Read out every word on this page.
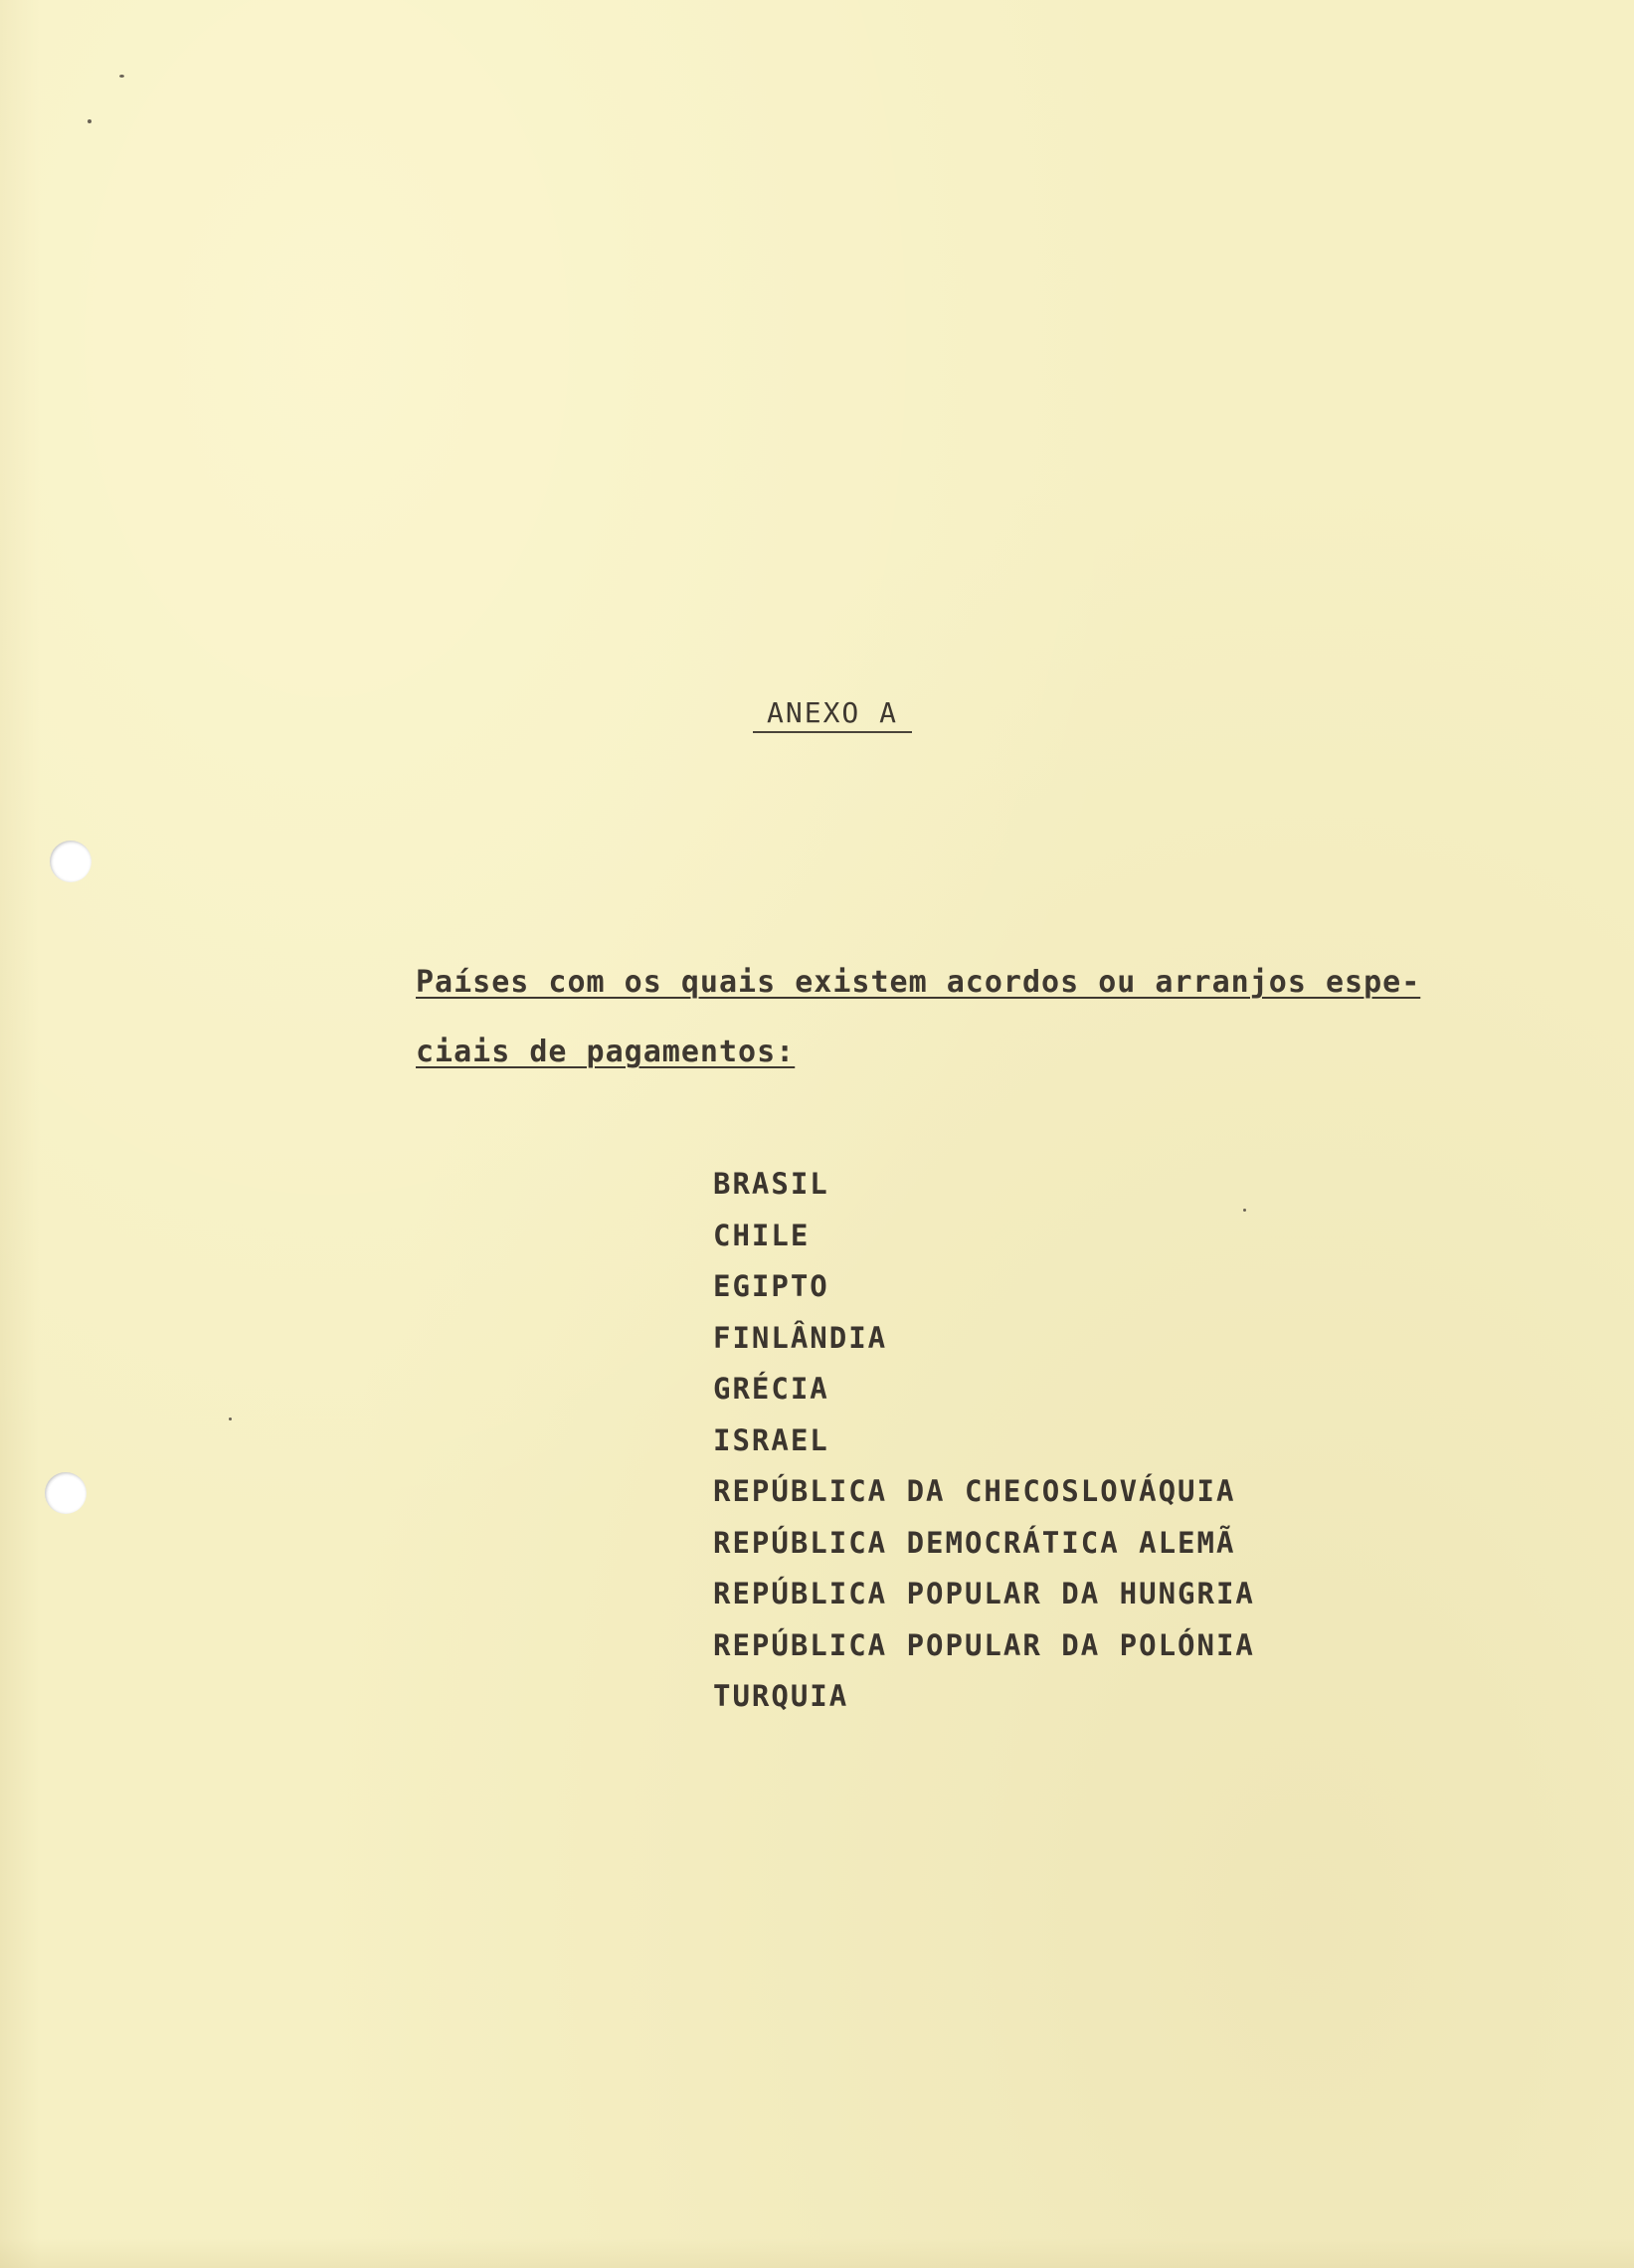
ANEXO A
Países com os quais existem acordos ou arranjos espe-
ciais de pagamentos:
BRASIL
CHILE
EGIPTO
FINLÂNDIA
GRÉCIA
ISRAEL
REPÚBLICA DA CHECOSLOVÁQUIA
REPÚBLICA DEMOCRÁTICA ALEMÃ
REPÚBLICA POPULAR DA HUNGRIA
REPÚBLICA POPULAR DA POLÓNIA
TURQUIA
